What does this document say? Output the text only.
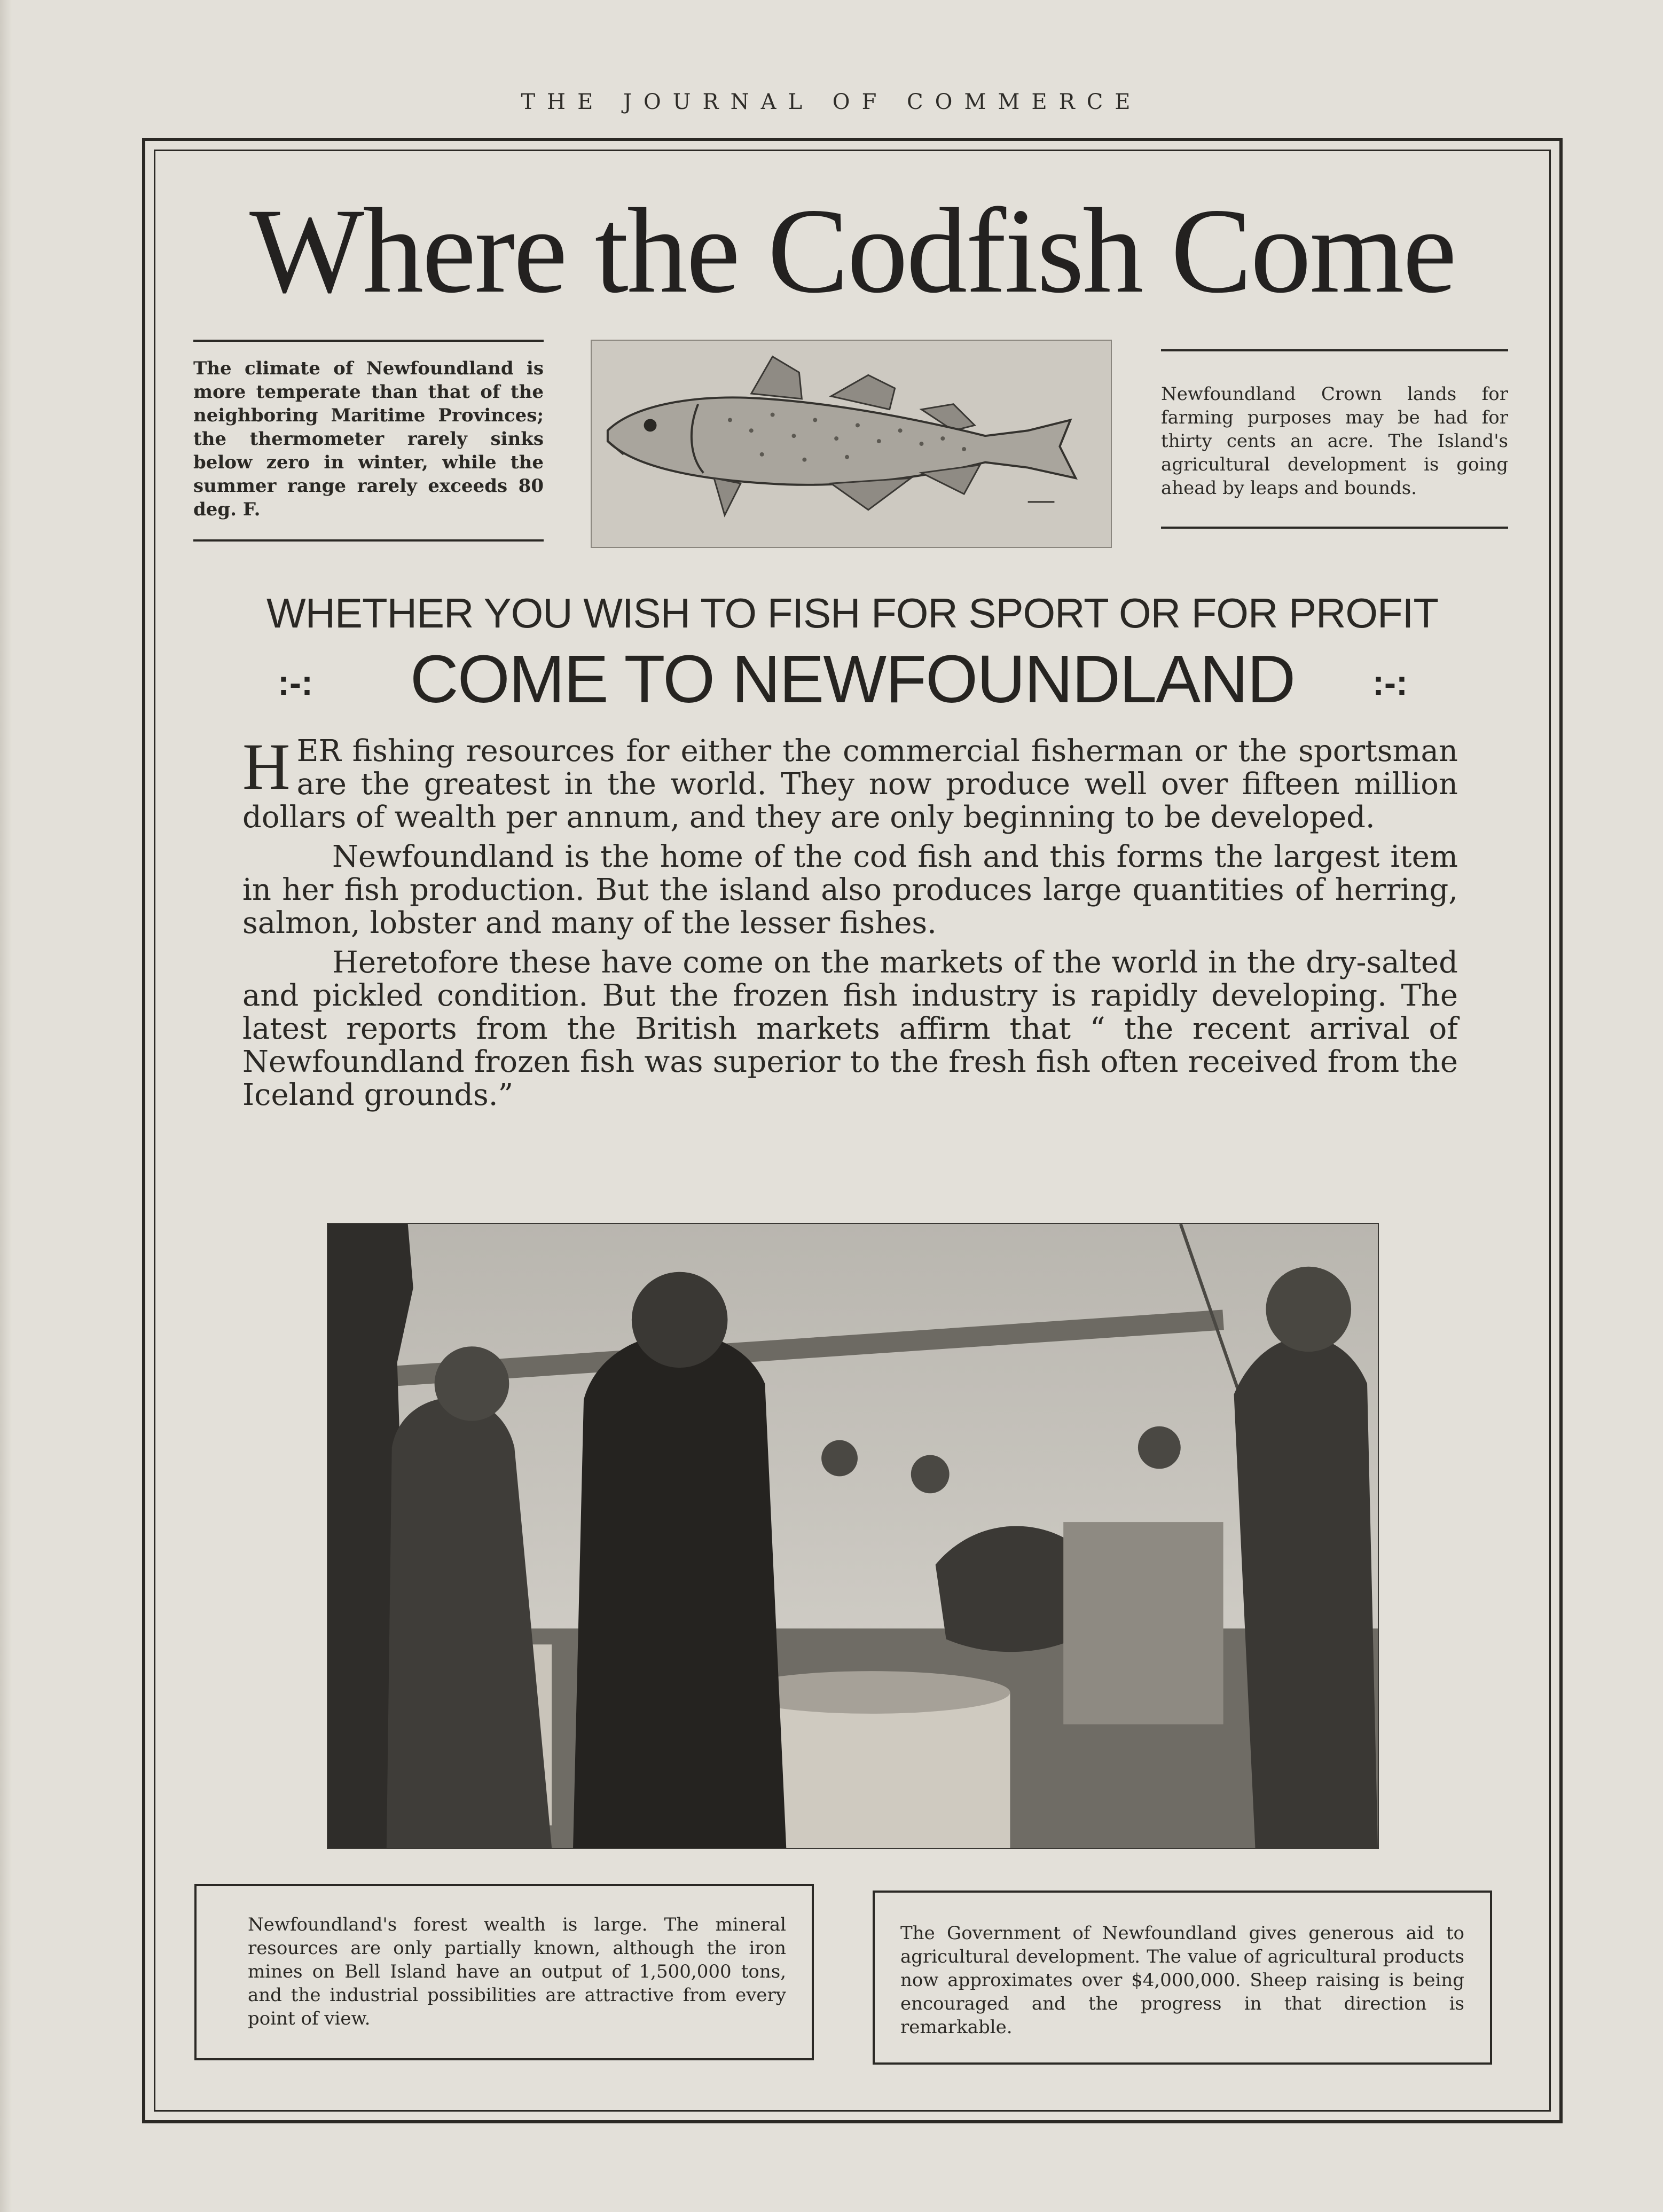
THE JOURNAL OF COMMERCE
Where the Codfish Come
The climate of Newfoundland is more temperate than that of the neighboring Maritime Provinces; the thermometer rarely sinks below zero in winter, while the summer range rarely exceeds 80 deg. F.
Newfoundland Crown lands for farming purposes may be had for thirty cents an acre. The Island's agricultural development is going ahead by leaps and bounds.
WHETHER YOU WISH TO FISH FOR SPORT OR FOR PROFIT
:-:	COME TO NEWFOUNDLAND	:-:

HER fishing resources for either the commercial fisherman or the sportsman are the greatest in the world. They now produce well over fifteen million dollars of wealth per annum, and they are only beginning to be developed.

Newfoundland is the home of the cod fish and this forms the largest item in her fish production. But the island also produces large quantities of herring, salmon, lobster and many of the lesser fishes.

Heretofore these have come on the markets of the world in the dry-salted and pickled condition. But the frozen fish industry is rapidly developing. The latest reports from the British markets affirm that “ the recent arrival of Newfoundland frozen fish was superior to the fresh fish often received from the Iceland grounds.”

Newfoundland's forest wealth is large. The mineral resources are only partially known, although the iron mines on Bell Island have an output of 1,500,000 tons, and the industrial possibilities are attractive from every point of view.
The Government of Newfoundland gives generous aid to agricultural development. The value of agricultural products now approximates over $4,000,000. Sheep raising is being encouraged and the progress in that direction is remarkable.
